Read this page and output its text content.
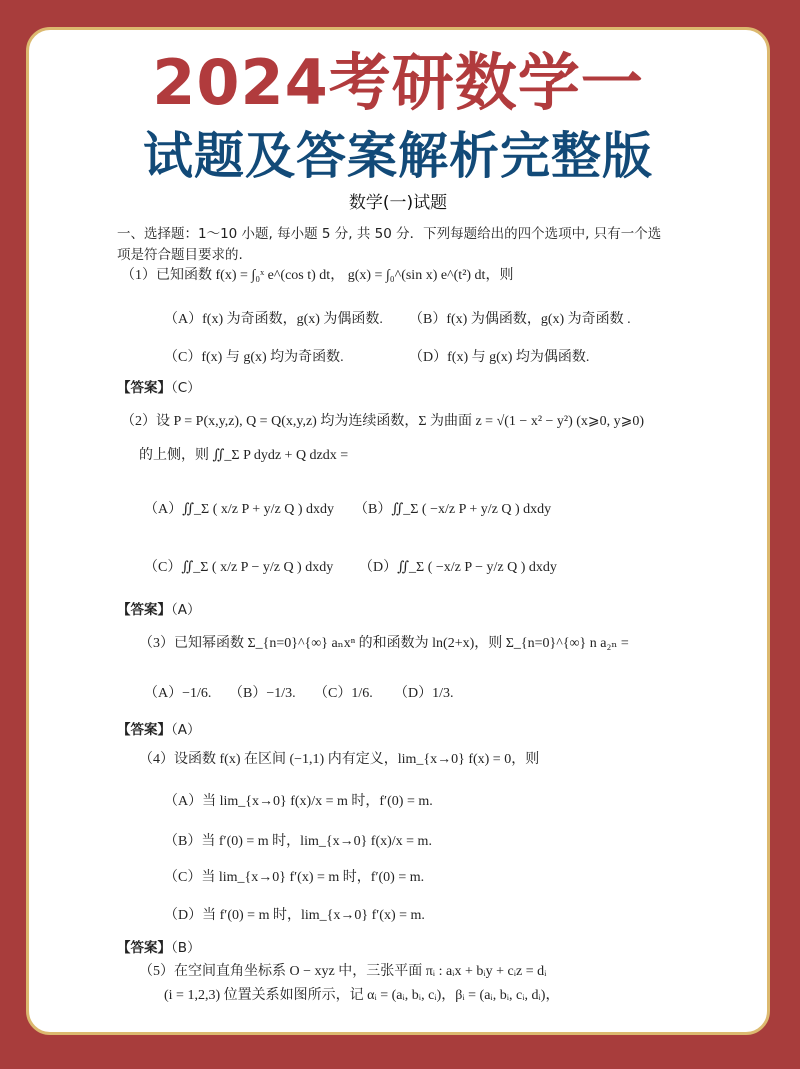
2024考研数学一
试题及答案解析完整版
数学(一)试题
一、选择题：1～10 小题, 每小题 5 分, 共 50 分．下列每题给出的四个选项中, 只有一个选
项是符合题目要求的.
（1）已知函数 f(x) = ∫₀ˣ e^(cos t) dt， g(x) = ∫₀^(sin x) e^(t²) dt，则
（A）f(x) 为奇函数，g(x) 为偶函数. （B）f(x) 为偶函数，g(x) 为奇函数 .
（C）f(x) 与 g(x) 均为奇函数.	（D）f(x) 与 g(x) 均为偶函数.
【答案】（C）
（2）设 P = P(x,y,z), Q = Q(x,y,z) 均为连续函数，Σ 为曲面 z = √(1 − x² − y²) (x⩾0, y⩾0)
的上侧，则 ∬_Σ P dydz + Q dzdx =
（A）∬_Σ ( x/z P + y/z Q ) dxdy （B）∬_Σ ( −x/z P + y/z Q ) dxdy
（C）∬_Σ ( x/z P − y/z Q ) dxdy （D）∬_Σ ( −x/z P − y/z Q ) dxdy
【答案】（A）
（3）已知幂函数 Σ_{n=0}^{∞} aₙxⁿ 的和函数为 ln(2+x)，则 Σ_{n=0}^{∞} n a₂ₙ =
（A）−1/6. （B）−1/3. （C）1/6. （D）1/3.
【答案】（A）
（4）设函数 f(x) 在区间 (−1,1) 内有定义，lim_{x→0} f(x) = 0，则
（A）当 lim_{x→0} f(x)/x = m 时，f′(0) = m.
（B）当 f′(0) = m 时，lim_{x→0} f(x)/x = m.
（C）当 lim_{x→0} f′(x) = m 时，f′(0) = m.
（D）当 f′(0) = m 时，lim_{x→0} f′(x) = m.
【答案】（B）
（5）在空间直角坐标系 O − xyz 中，三张平面 πᵢ : aᵢx + bᵢy + cᵢz = dᵢ
(i = 1,2,3) 位置关系如图所示，记 αᵢ = (aᵢ, bᵢ, cᵢ)，βᵢ = (aᵢ, bᵢ, cᵢ, dᵢ)，
